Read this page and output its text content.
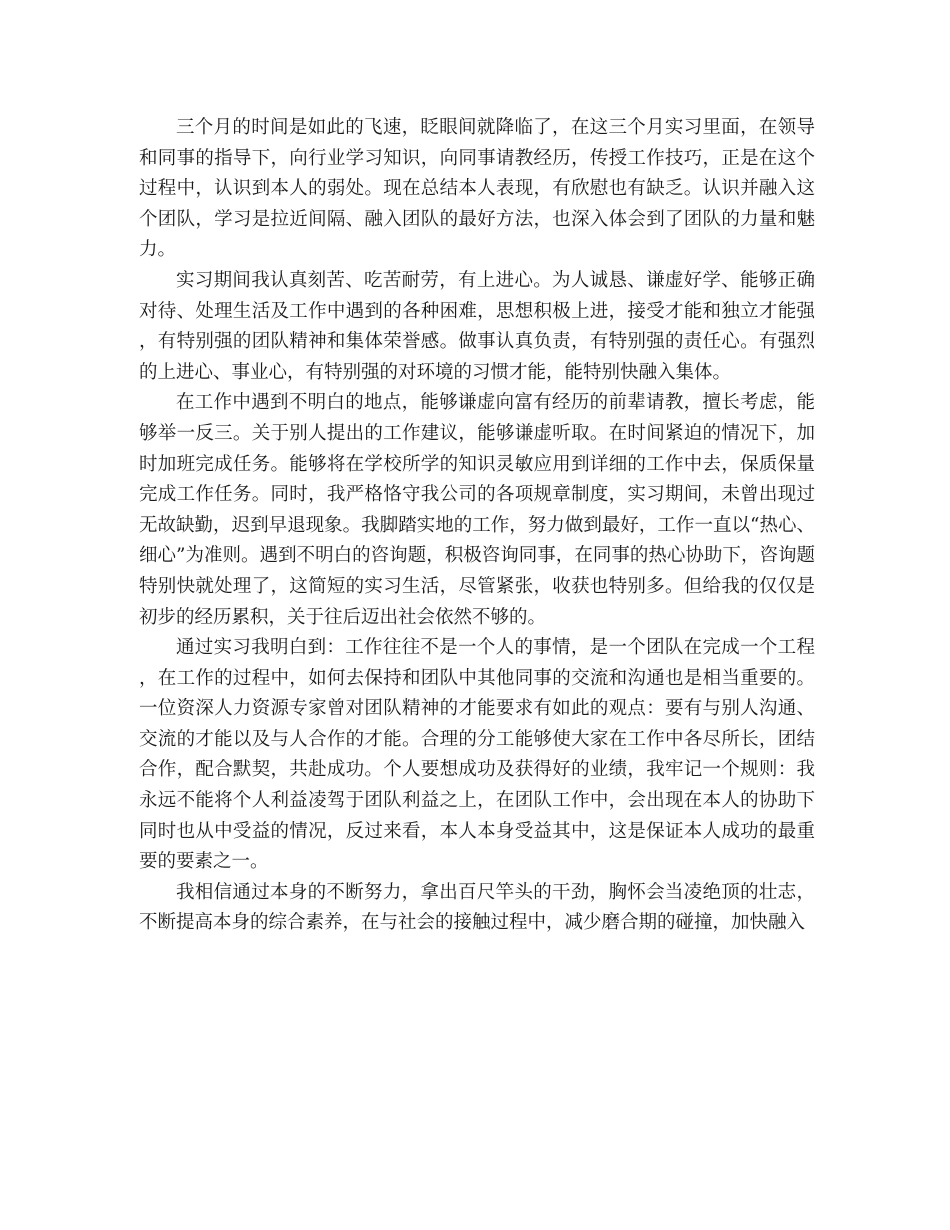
三个月的时间是如此的飞速，眨眼间就降临了，在这三个月实习里面，在领导和同事的指导下，向行业学习知识，向同事请教经历，传授工作技巧，正是在这个过程中，认识到本人的弱处。现在总结本人表现，有欣慰也有缺乏。认识并融入这个团队，学习是拉近间隔、融入团队的最好方法，也深入体会到了团队的力量和魅力。

实习期间我认真刻苦、吃苦耐劳，有上进心。为人诚恳、谦虚好学、能够正确对待、处理生活及工作中遇到的各种困难，思想积极上进，接受才能和独立才能强，有特别强的团队精神和集体荣誉感。做事认真负责，有特别强的责任心。有强烈的上进心、事业心，有特别强的对环境的习惯才能，能特别快融入集体。

在工作中遇到不明白的地点，能够谦虚向富有经历的前辈请教，擅长考虑，能够举一反三。关于别人提出的工作建议，能够谦虚听取。在时间紧迫的情况下，加时加班完成任务。能够将在学校所学的知识灵敏应用到详细的工作中去，保质保量完成工作任务。同时，我严格恪守我公司的各项规章制度，实习期间，未曾出现过无故缺勤，迟到早退现象。我脚踏实地的工作，努力做到最好，工作一直以“热心、细心”为准则。遇到不明白的咨询题，积极咨询同事，在同事的热心协助下，咨询题特别快就处理了，这简短的实习生活，尽管紧张，收获也特别多。但给我的仅仅是初步的经历累积，关于往后迈出社会依然不够的。

通过实习我明白到：工作往往不是一个人的事情，是一个团队在完成一个工程，在工作的过程中，如何去保持和团队中其他同事的交流和沟通也是相当重要的。一位资深人力资源专家曾对团队精神的才能要求有如此的观点：要有与别人沟通、交流的才能以及与人合作的才能。合理的分工能够使大家在工作中各尽所长，团结合作，配合默契，共赴成功。个人要想成功及获得好的业绩，我牢记一个规则：我永远不能将个人利益凌驾于团队利益之上，在团队工作中，会出现在本人的协助下同时也从中受益的情况，反过来看，本人本身受益其中，这是保证本人成功的最重要的要素之一。

我相信通过本身的不断努力，拿出百尺竿头的干劲，胸怀会当凌绝顶的壮志，不断提高本身的综合素养，在与社会的接触过程中，减少磨合期的碰撞，加快融入
